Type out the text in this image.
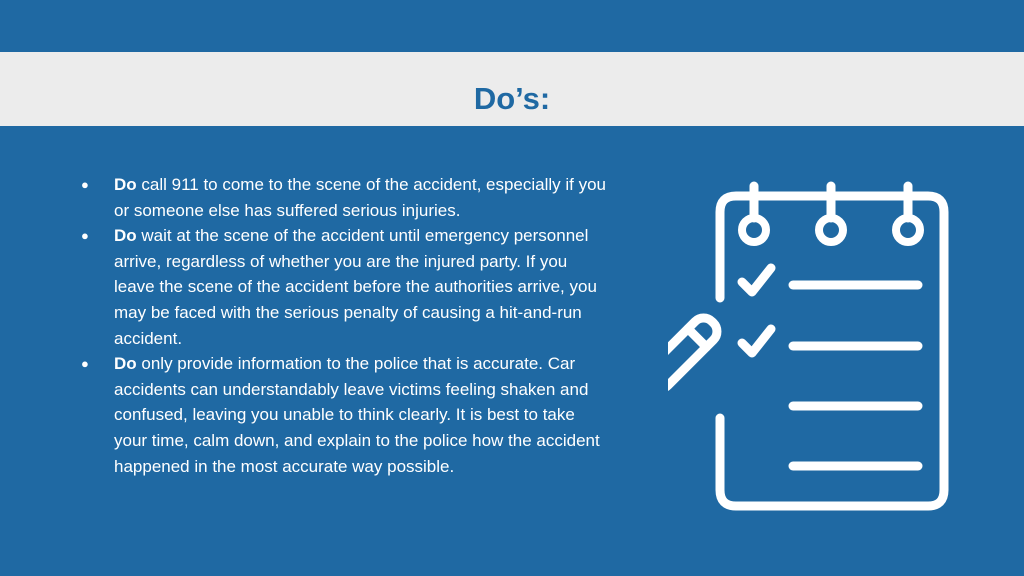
Do’s:
● Do call 911 to come to the scene of the accident, especially if you or someone else has suffered serious injuries.
● Do wait at the scene of the accident until emergency personnel arrive, regardless of whether you are the injured party. If you leave the scene of the accident before the authorities arrive, you may be faced with the serious penalty of causing a hit-and-run accident.
● Do only provide information to the police that is accurate. Car accidents can understandably leave victims feeling shaken and confused, leaving you unable to think clearly. It is best to take your time, calm down, and explain to the police how the accident happened in the most accurate way possible.
